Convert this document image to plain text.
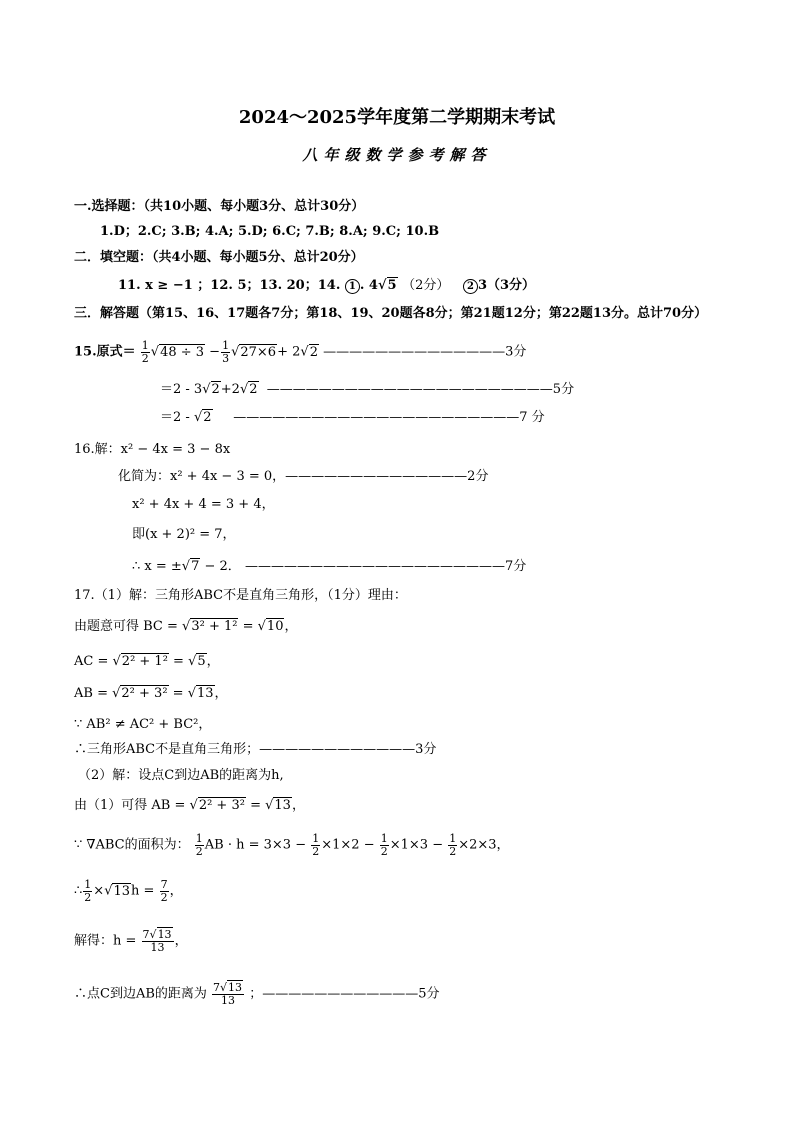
2024～2025学年度第二学期期末考试
八年级数学参考解答
一.选择题：（共10小题、每小题3分、总计30分）
1.D；2.C; 3.B; 4.A; 5.D; 6.C; 7.B; 8.A; 9.C; 10.B
二．填空题：（共4小题、每小题5分、总计20分）
11. x ≥ −1 ；12. 5；13. 20；14. 1 . 4√5 （2分） 2 3（3分）
三．解答题（第15、16、17题各7分；第18、19、20题各8分；第21题12分；第22题13分。总计70分）
15.原式＝ $\frac{1}{2} √48 \div 3 - \frac{1}{3} √27\times 6+ 2√2$ ——————————————3分
＝2 - 3√2+2√2 ——————————————————————5分
＝2 - √2 ——————————————————————7 分
16.解：x² − 4x = 3 − 8x
化简为：x² + 4x − 3 = 0，——————————————2分
x² + 4x + 4 = 3 + 4，
即(x + 2)² = 7，
∴ x = ±√7 − 2． ————————————————————7分
17.（1）解：三角形ABC不是直角三角形，（1分）理由：
由题意可得 BC = √3² + 1² = √10，
AC = √2² + 1² = √5，
AB = √2² + 3² = √13，
∵ AB² ≠ AC² + BC²，
∴三角形ABC不是直角三角形；————————————3分
（2）解：设点C到边AB的距离为h,
由（1）可得 AB = √2² + 3² = √13，
∵ ∇ABC的面积为： $\frac{1}{2}$ AB · $h = 3\times 3 - \frac{1}{2} \times 1\times 2 - \frac{1}{2} \times 1\times 3 - \frac{1}{2} \times 2\times 3$，
∴ $\frac{1}{2} \times√13h = \frac{7}{2}$ ，
解得：$h = \frac{7√13}{13}$ ，
∴点C到边AB的距离为 $\frac{7√13}{13}$ ；————————————5分
